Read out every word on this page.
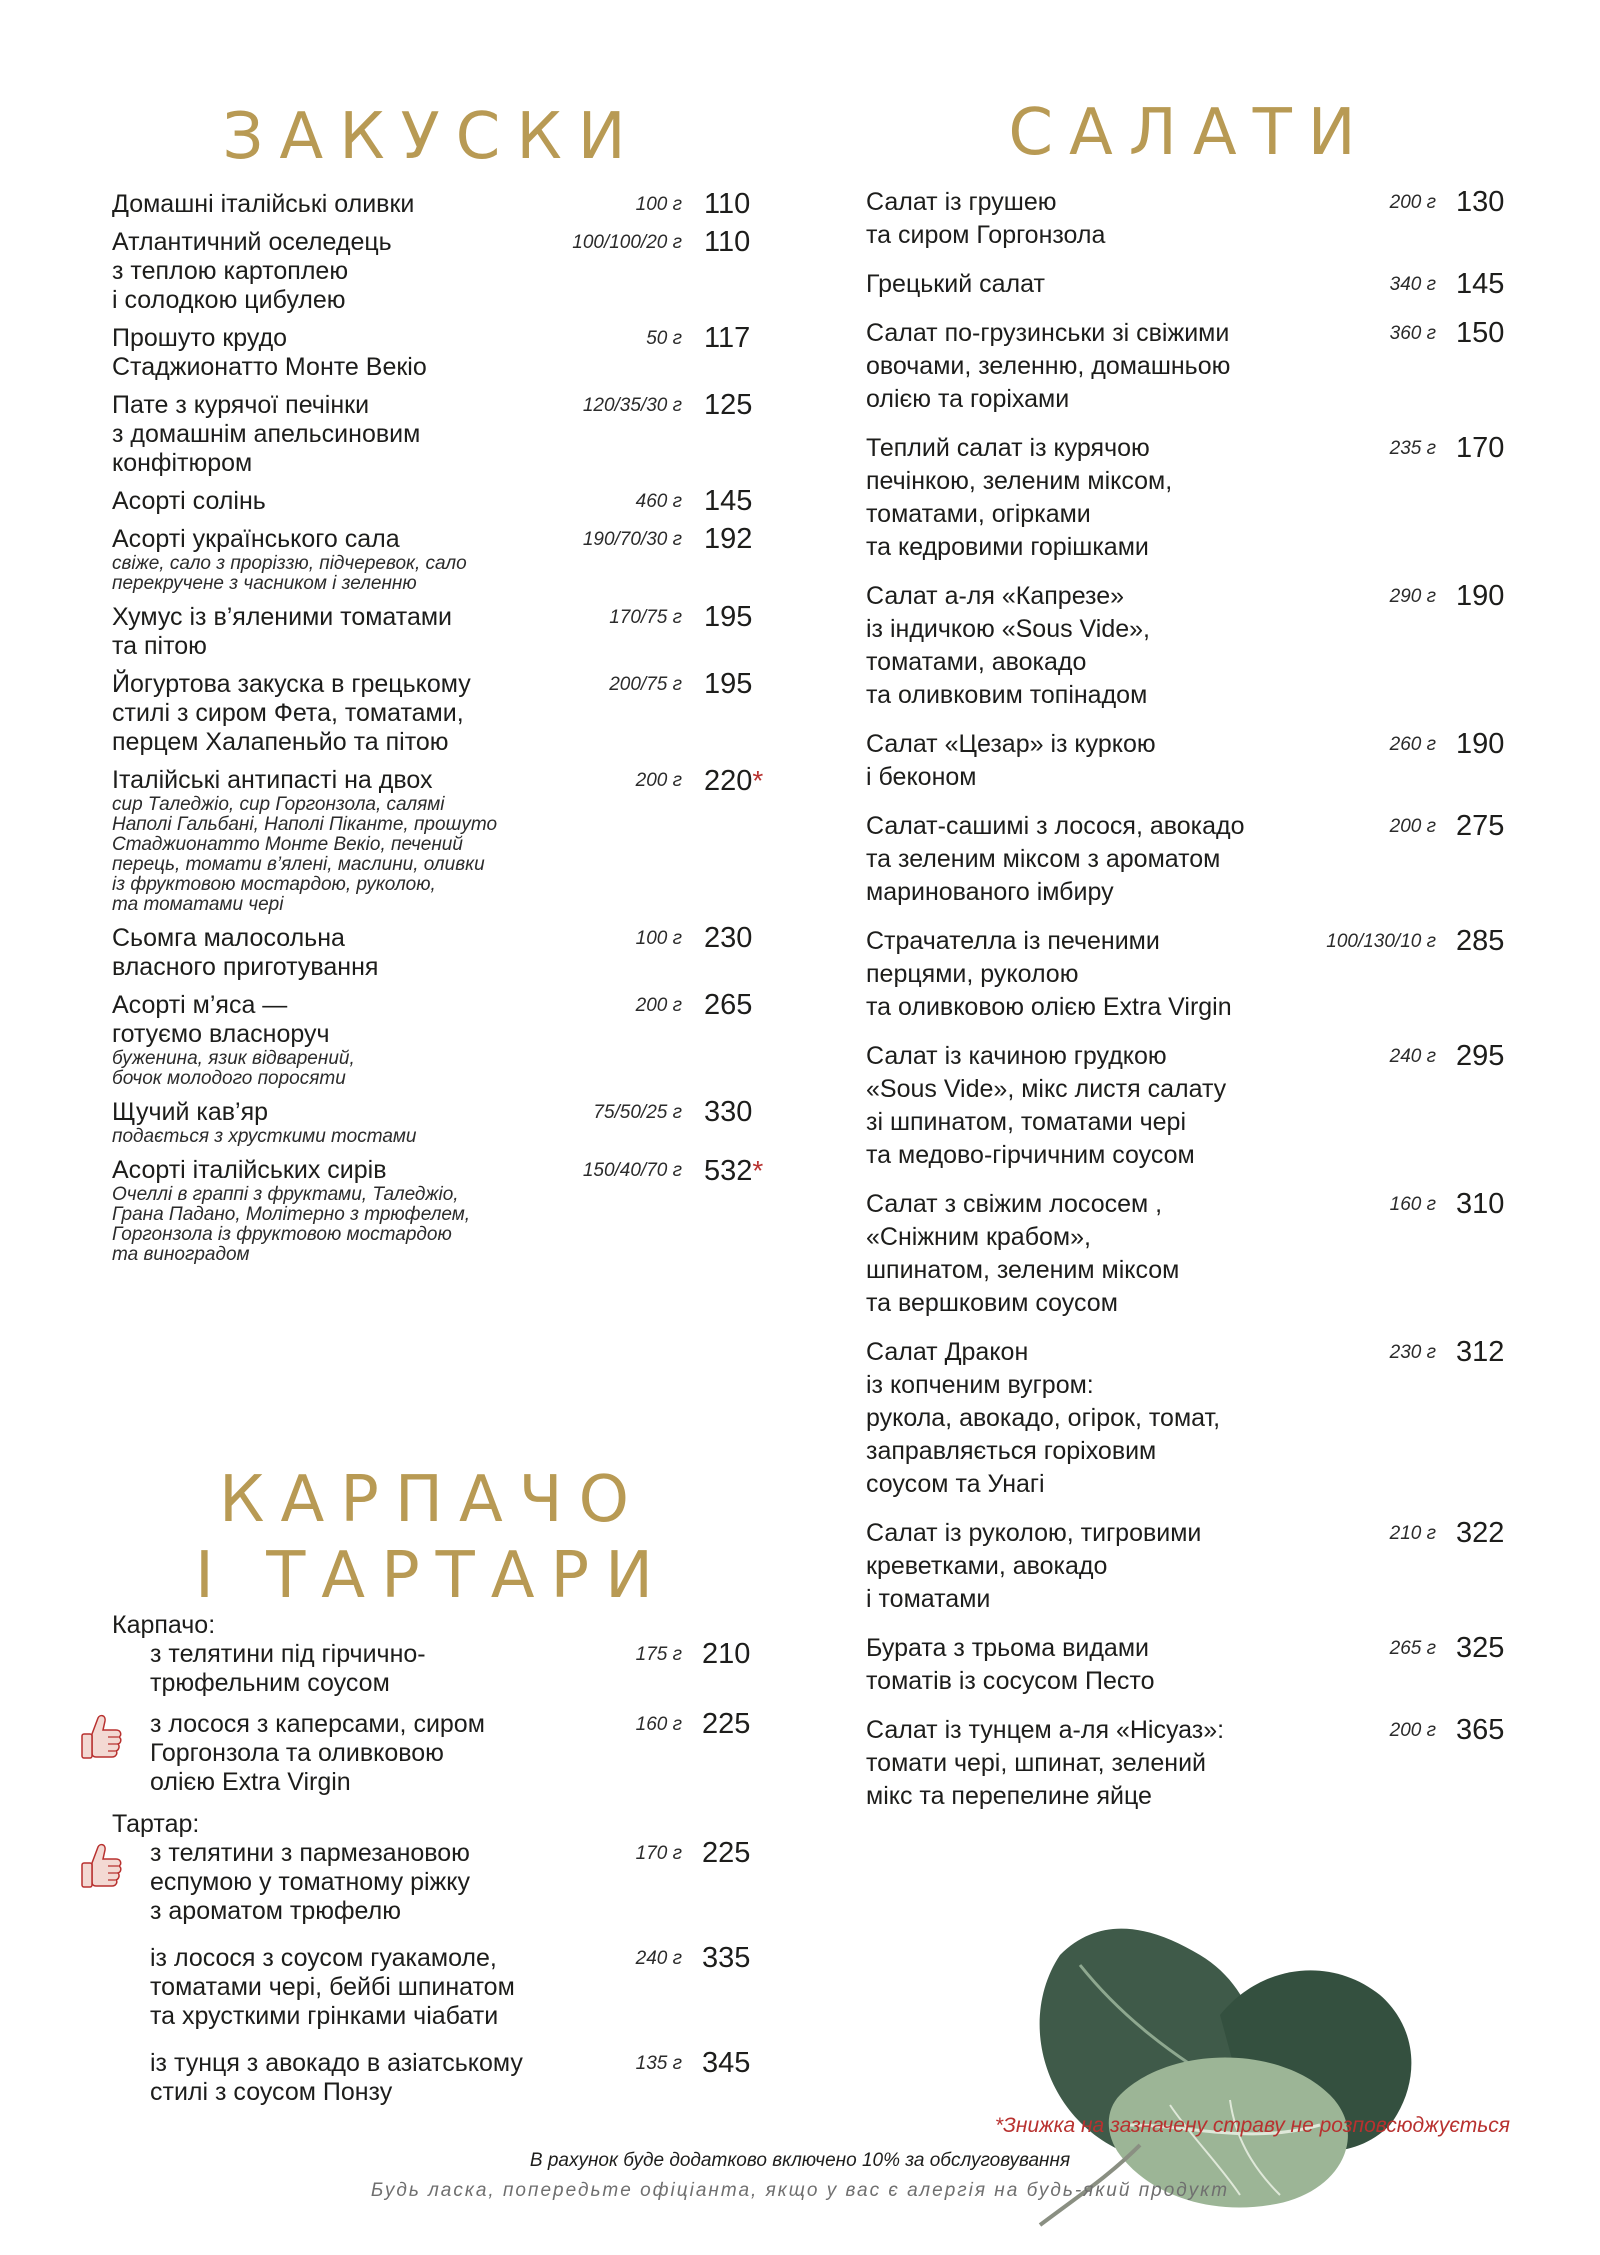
ЗАКУСКИ
Домашні італійські оливки	100 г 110
Атлантичний оселедець
з теплою картоплею
і солодкою цибулею
100/100/20 г 110
Прошуто крудо
Стаджионатто Монте Векіо
50 г 117
Пате з курячої печінки
з домашнім апельсиновим
конфітюром
120/35/30 г 125
Асорті солінь	460 г 145
Асорті українського сала
свіже, сало з проріззю, підчеревок, сало
перекручене з часником і зеленню
190/70/30 г 192
Хумус із в’яленими томатами
та пітою
170/75 г 195
Йогуртова закуска в грецькому
стилі з сиром Фета, томатами,
перцем Халапеньйо та пітою
200/75 г 195
Італійські антипасті на двох
сир Таледжіо, сир Горгонзола, салямі
Наполі Гальбані, Наполі Піканте, прошуто
Стаджионатто Монте Векіо, печений
перець, томати в’ялені, маслини, оливки
із фруктовою мостардою, руколою,
та томатами чері
200 г 220*
Сьомга малосольна
власного приготування
100 г 230
Асорті м’яса —
готуємо власноруч
буженина, язик відварений,
бочок молодого поросяти
200 г 265
Щучий кав’яр
подається з хрусткими тостами
75/50/25 г 330
Асорті італійських сирів
Очеллі в граппі з фруктами, Таледжіо,
Грана Падано, Молітерно з трюфелем,
Горгонзола із фруктовою мостардою
та виноградом
150/40/70 г 532*
КАРПАЧО
І ТАРТАРИ
Карпачо:
з телятини під гірчично-
трюфельним соусом
175 г 210
з лосося з каперсами, сиром
Горгонзола та оливковою
олією Extra Virgin
160 г 225
Тартар:
з телятини з пармезановою
еспумою у томатному ріжку
з ароматом трюфелю
170 г 225
із лосося з соусом гуакамоле,
томатами чері, бейбі шпинатом
та хрусткими грінками чіабати
240 г 335
із тунця з авокадо в азіатському
стилі з соусом Понзу
135 г 345
САЛАТИ
Салат із грушею
та сиром Горгонзола
200 г 130
Грецький салат	340 г 145
Салат по-грузинськи зі свіжими
овочами, зеленню, домашньою
олією та горіхами
360 г 150
Теплий салат із курячою
печінкою, зеленим міксом,
томатами, огірками
та кедровими горішками
235 г 170
Салат а-ля «Капрезе»
із індичкою «Sous Vide»,
томатами, авокадо
та оливковим топінадом
290 г 190
Салат «Цезар» із куркою
і беконом
260 г 190
Салат-сашимі з лосося, авокадо
та зеленим міксом з ароматом
маринованого імбиру
200 г 275
Страчателла із печеними
перцями, руколою
та оливковою олією Extra Virgin
100/130/10 г 285
Салат із качиною грудкою
«Sous Vide», мікс листя салату
зі шпинатом, томатами чері
та медово-гірчичним соусом
240 г 295
Салат з свіжим лососем ,
«Сніжним крабом»,
шпинатом, зеленим міксом
та вершковим соусом
160 г 310
Салат Дракон
із копченим вугром:
рукола, авокадо, огірок, томат,
заправляється горіховим
соусом та Унагі
230 г 312
Салат із руколою, тигровими
креветками, авокадо
і томатами
210 г 322
Бурата з трьома видами
томатів із сосусом Песто
265 г 325
Салат із тунцем а-ля «Нісуаз»:
томати чері, шпинат, зелений
мікс та перепелине яйце
200 г 365
*Знижка на зазначену страву не розповсюджується
В рахунок буде додатково включено 10% за обслуговування
Будь ласка, попередьте офіціанта, якщо у вас є алергія на будь-який продукт
